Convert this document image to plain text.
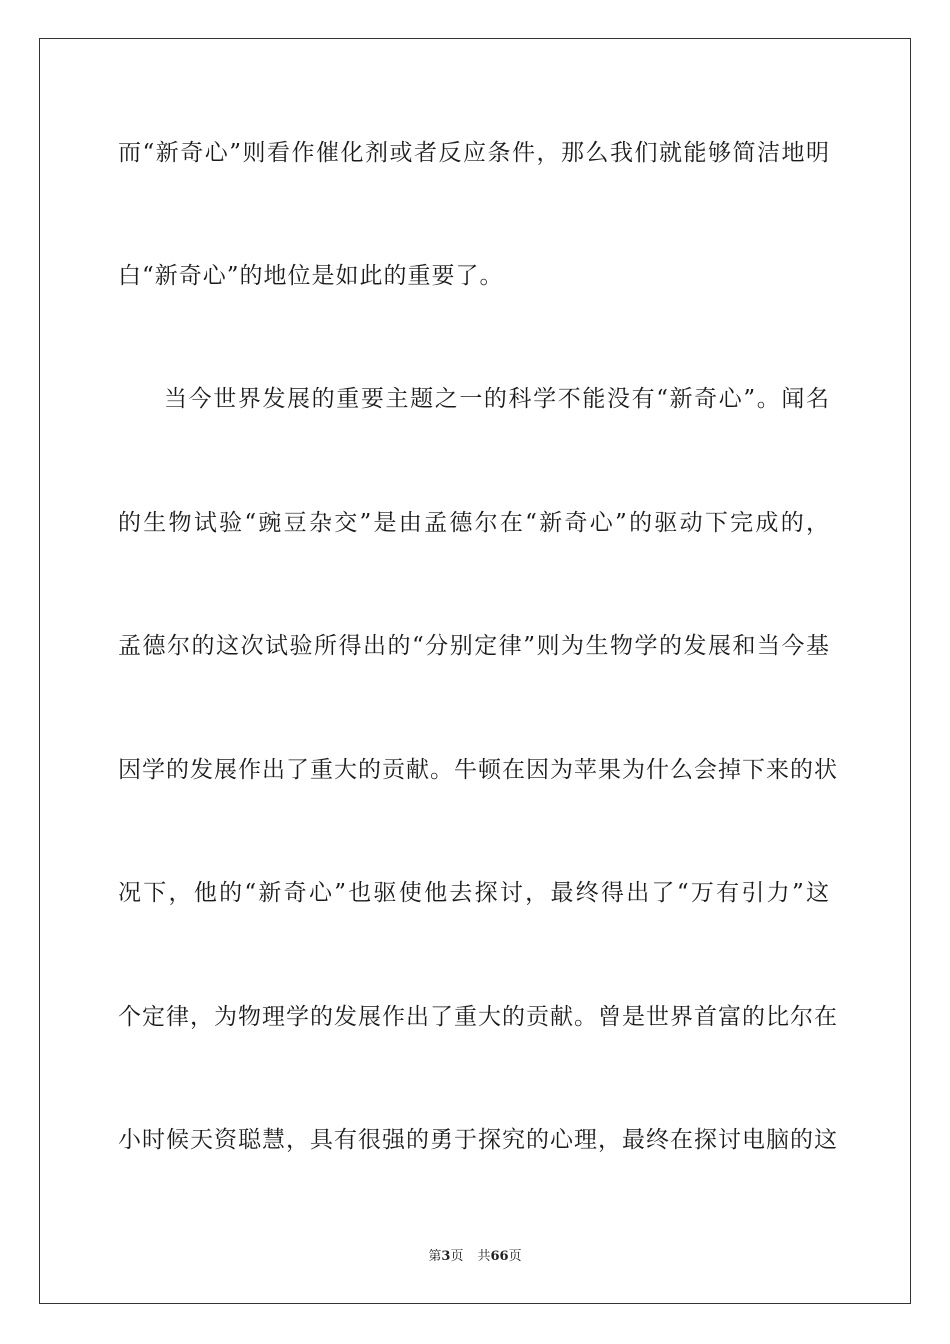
而“新奇心”则看作催化剂或者反应条件，那么我们就能够简洁地明
白“新奇心”的地位是如此的重要了。
当今世界发展的重要主题之一的科学不能没有“新奇心”。闻名
的生物试验“豌豆杂交”是由孟德尔在“新奇心”的驱动下完成的，
孟德尔的这次试验所得出的“分别定律”则为生物学的发展和当今基
因学的发展作出了重大的贡献。牛顿在因为苹果为什么会掉下来的状
况下，他的“新奇心”也驱使他去探讨，最终得出了“万有引力”这
个定律，为物理学的发展作出了重大的贡献。曾是世界首富的比尔在
小时候天资聪慧，具有很强的勇于探究的心理，最终在探讨电脑的这
第3页 共66页
